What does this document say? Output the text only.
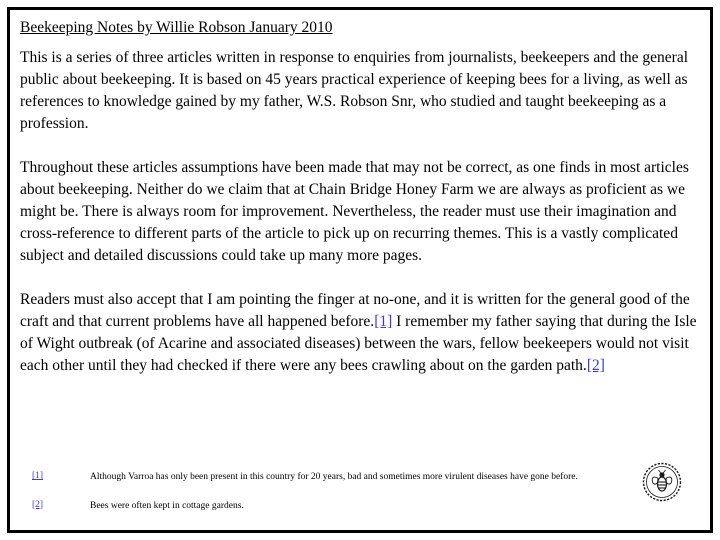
Beekeeping Notes by Willie Robson January 2010

This is a series of three articles written in response to enquiries from journalists, beekeepers and the general public about beekeeping. It is based on 45 years practical experience of keeping bees for a living, as well as references to knowledge gained by my father, W.S. Robson Snr, who studied and taught beekeeping as a profession.

Throughout these articles assumptions have been made that may not be correct, as one finds in most articles about beekeeping. Neither do we claim that at Chain Bridge Honey Farm we are always as proficient as we might be. There is always room for improvement. Nevertheless, the reader must use their imagination and cross-reference to different parts of the article to pick up on recurring themes. This is a vastly complicated subject and detailed discussions could take up many more pages.

Readers must also accept that I am pointing the finger at no-one, and it is written for the general good of the craft and that current problems have all happened before.[1] I remember my father saying that during the Isle of Wight outbreak (of Acarine and associated diseases) between the wars, fellow beekeepers would not visit each other until they had checked if there were any bees crawling about on the garden path.[2]

[1]	Although Varroa has only been present in this country for 20 years, bad and sometimes more virulent diseases have gone before.
[2]	Bees were often kept in cottage gardens.
